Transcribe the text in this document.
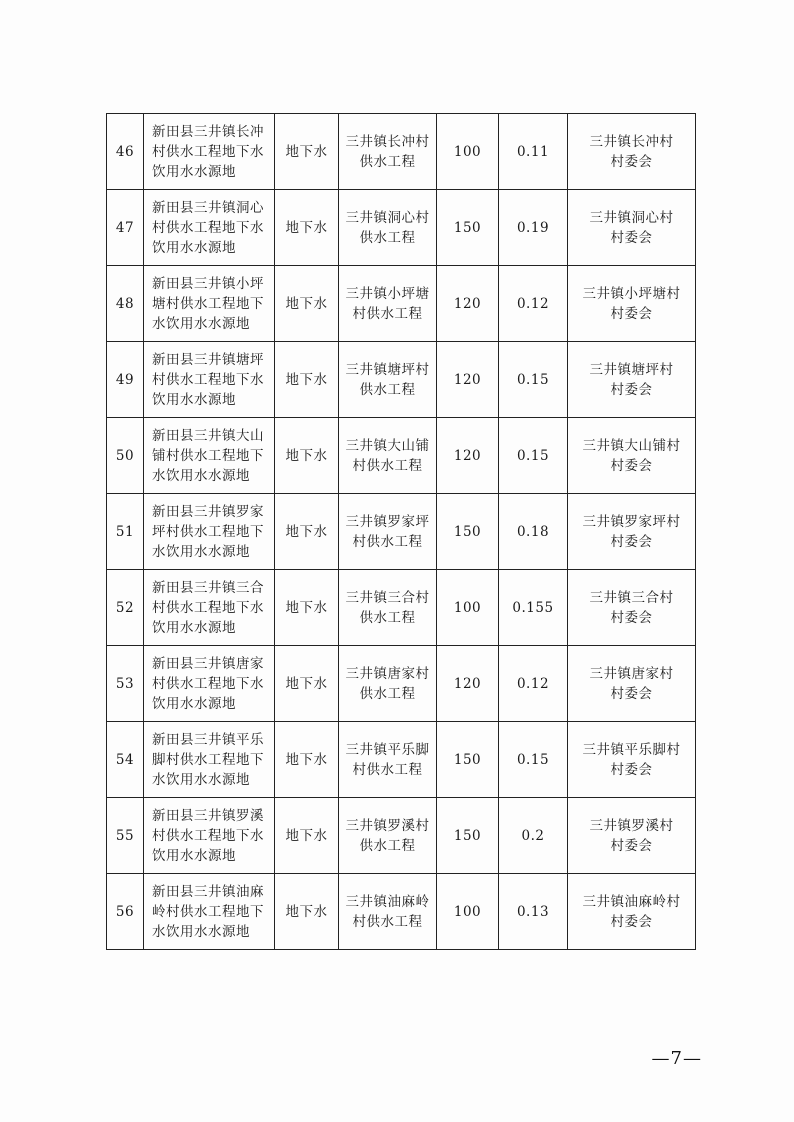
46	新田县三井镇长冲
村供水工程地下水
饮用水水源地	地下水	三井镇长冲村
供水工程	100	0.11	三井镇长冲村
村委会

47	新田县三井镇洞心
村供水工程地下水
饮用水水源地	地下水	三井镇洞心村
供水工程	150	0.19	三井镇洞心村
村委会

48	新田县三井镇小坪
塘村供水工程地下
水饮用水水源地	地下水	三井镇小坪塘
村供水工程	120	0.12	三井镇小坪塘村
村委会

49	新田县三井镇塘坪
村供水工程地下水
饮用水水源地	地下水	三井镇塘坪村
供水工程	120	0.15	三井镇塘坪村
村委会

50	新田县三井镇大山
铺村供水工程地下
水饮用水水源地	地下水	三井镇大山铺
村供水工程	120	0.15	三井镇大山铺村
村委会

51	新田县三井镇罗家
坪村供水工程地下
水饮用水水源地	地下水	三井镇罗家坪
村供水工程	150	0.18	三井镇罗家坪村
村委会

52	新田县三井镇三合
村供水工程地下水
饮用水水源地	地下水	三井镇三合村
供水工程	100	0.155	三井镇三合村
村委会

53	新田县三井镇唐家
村供水工程地下水
饮用水水源地	地下水	三井镇唐家村
供水工程	120	0.12	三井镇唐家村
村委会

54	新田县三井镇平乐
脚村供水工程地下
水饮用水水源地	地下水	三井镇平乐脚
村供水工程	150	0.15	三井镇平乐脚村
村委会

55	新田县三井镇罗溪
村供水工程地下水
饮用水水源地	地下水	三井镇罗溪村
供水工程	150	0.2	三井镇罗溪村
村委会

56	新田县三井镇油麻
岭村供水工程地下
水饮用水水源地	地下水	三井镇油麻岭
村供水工程	100	0.13	三井镇油麻岭村
村委会
—7—
